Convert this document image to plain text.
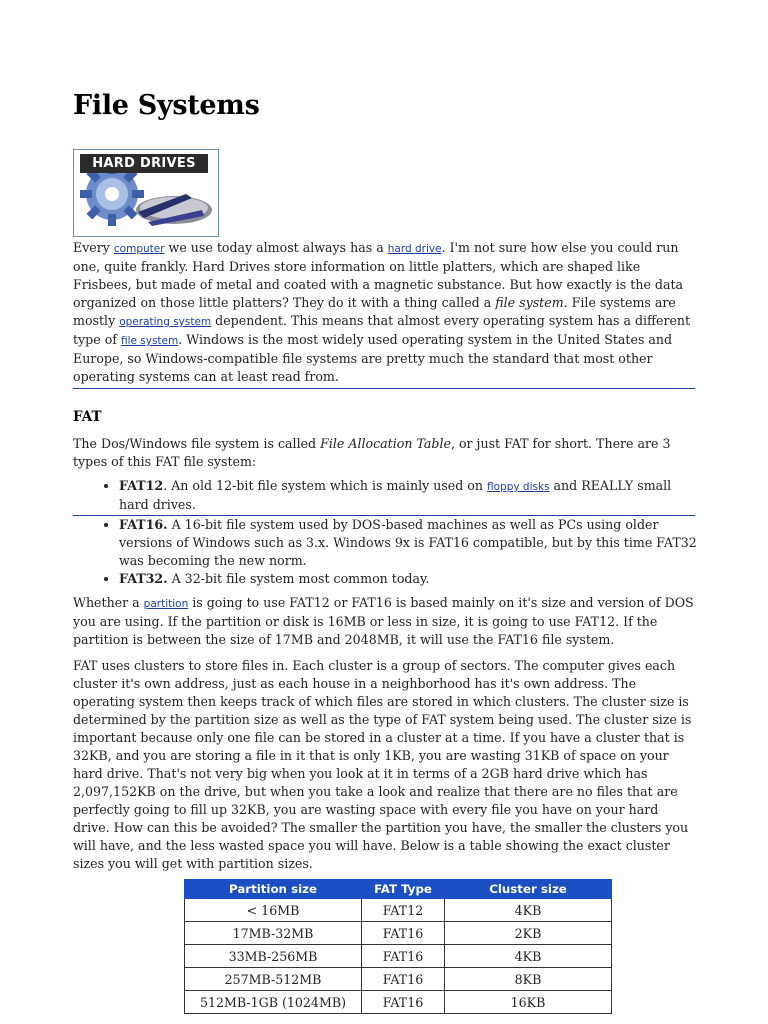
File Systems
HARD DRIVES

Every computer we use today almost always has a hard drive. I'm not sure how else you could run one, quite frankly. Hard Drives store information on little platters, which are shaped like Frisbees, but made of metal and coated with a magnetic substance. But how exactly is the data organized on those little platters? They do it with a thing called a file system. File systems are mostly operating system dependent. This means that almost every operating system has a different type of file system. Windows is the most widely used operating system in the United States and Europe, so Windows-compatible file systems are pretty much the standard that most other operating systems can at least read from.

FAT

The Dos/Windows file system is called File Allocation Table, or just FAT for short. There are 3 types of this FAT file system:

• FAT12. An old 12-bit file system which is mainly used on floppy disks and REALLY small hard drives.
• FAT16. A 16-bit file system used by DOS-based machines as well as PCs using older versions of Windows such as 3.x. Windows 9x is FAT16 compatible, but by this time FAT32 was becoming the new norm.
• FAT32. A 32-bit file system most common today.

Whether a partition is going to use FAT12 or FAT16 is based mainly on it's size and version of DOS you are using. If the partition or disk is 16MB or less in size, it is going to use FAT12. If the partition is between the size of 17MB and 2048MB, it will use the FAT16 file system.

FAT uses clusters to store files in. Each cluster is a group of sectors. The computer gives each cluster it's own address, just as each house in a neighborhood has it's own address. The operating system then keeps track of which files are stored in which clusters. The cluster size is determined by the partition size as well as the type of FAT system being used. The cluster size is important because only one file can be stored in a cluster at a time. If you have a cluster that is 32KB, and you are storing a file in it that is only 1KB, you are wasting 31KB of space on your hard drive. That's not very big when you look at it in terms of a 2GB hard drive which has 2,097,152KB on the drive, but when you take a look and realize that there are no files that are perfectly going to fill up 32KB, you are wasting space with every file you have on your hard drive. How can this be avoided? The smaller the partition you have, the smaller the clusters you will have, and the less wasted space you will have. Below is a table showing the exact cluster sizes you will get with partition sizes.

Partition size	FAT Type	Cluster size
< 16MB	FAT12	4KB
17MB-32MB	FAT16	2KB
33MB-256MB	FAT16	4KB
257MB-512MB	FAT16	8KB
512MB-1GB (1024MB)	FAT16	16KB
